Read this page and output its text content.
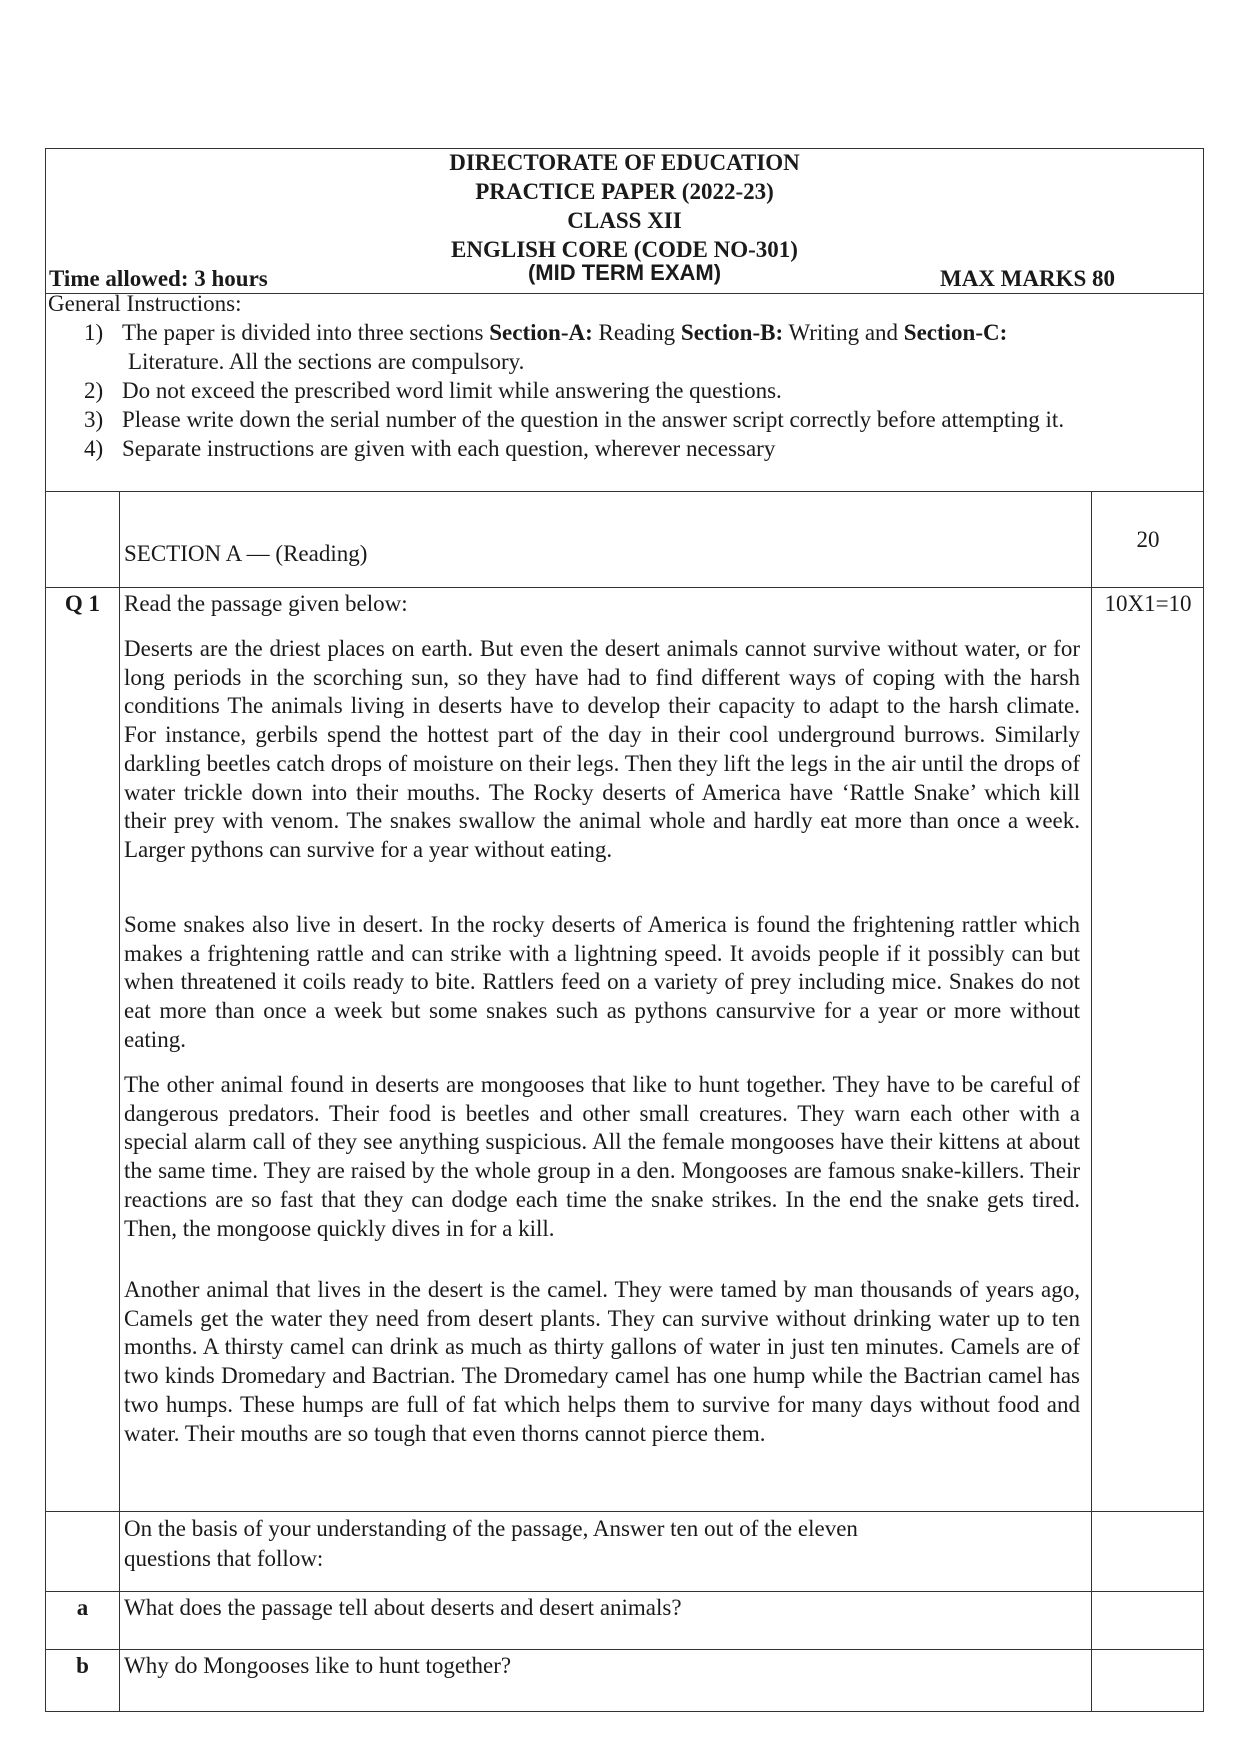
DIRECTORATE OF EDUCATION
PRACTICE PAPER (2022-23)
CLASS XII
ENGLISH CORE (CODE NO-301)
(MID TERM EXAM)
Time allowed: 3 hours	MAX MARKS 80
General Instructions:
1) The paper is divided into three sections Section-A: Reading Section-B: Writing and Section-C:
Literature. All the sections are compulsory.
2) Do not exceed the prescribed word limit while answering the questions.
3) Please write down the serial number of the question in the answer script correctly before attempting it.
4) Separate instructions are given with each question, wherever necessary
SECTION A — (Reading)
20
Q 1	Read the passage given below:	10X1=10
Deserts are the driest places on earth. But even the desert animals cannot survive without water, or for long periods in the scorching sun, so they have had to find different ways of coping with the harsh conditions The animals living in deserts have to develop their capacity to adapt to the harsh climate. For instance, gerbils spend the hottest part of the day in their cool underground burrows. Similarly darkling beetles catch drops of moisture on their legs. Then they lift the legs in the air until the drops of water trickle down into their mouths. The Rocky deserts of America have ‘Rattle Snake’ which kill their prey with venom. The snakes swallow the animal whole and hardly eat more than once a week. Larger pythons can survive for a year without eating.
Some snakes also live in desert. In the rocky deserts of America is found the frightening rattler which makes a frightening rattle and can strike with a lightning speed. It avoids people if it possibly can but when threatened it coils ready to bite. Rattlers feed on a variety of prey including mice. Snakes do not eat more than once a week but some snakes such as pythons cansurvive for a year or more without eating.
The other animal found in deserts are mongooses that like to hunt together. They have to be careful of dangerous predators. Their food is beetles and other small creatures. They warn each other with a special alarm call of they see anything suspicious. All the female mongooses have their kittens at about the same time. They are raised by the whole group in a den. Mongooses are famous snake-killers. Their reactions are so fast that they can dodge each time the snake strikes. In the end the snake gets tired. Then, the mongoose quickly dives in for a kill.
Another animal that lives in the desert is the camel. They were tamed by man thousands of years ago, Camels get the water they need from desert plants. They can survive without drinking water up to ten months. A thirsty camel can drink as much as thirty gallons of water in just ten minutes. Camels are of two kinds Dromedary and Bactrian. The Dromedary camel has one hump while the Bactrian camel has two humps. These humps are full of fat which helps them to survive for many days without food and water. Their mouths are so tough that even thorns cannot pierce them.
On the basis of your understanding of the passage, Answer ten out of the eleven
questions that follow:
a	What does the passage tell about deserts and desert animals?
b	Why do Mongooses like to hunt together?
